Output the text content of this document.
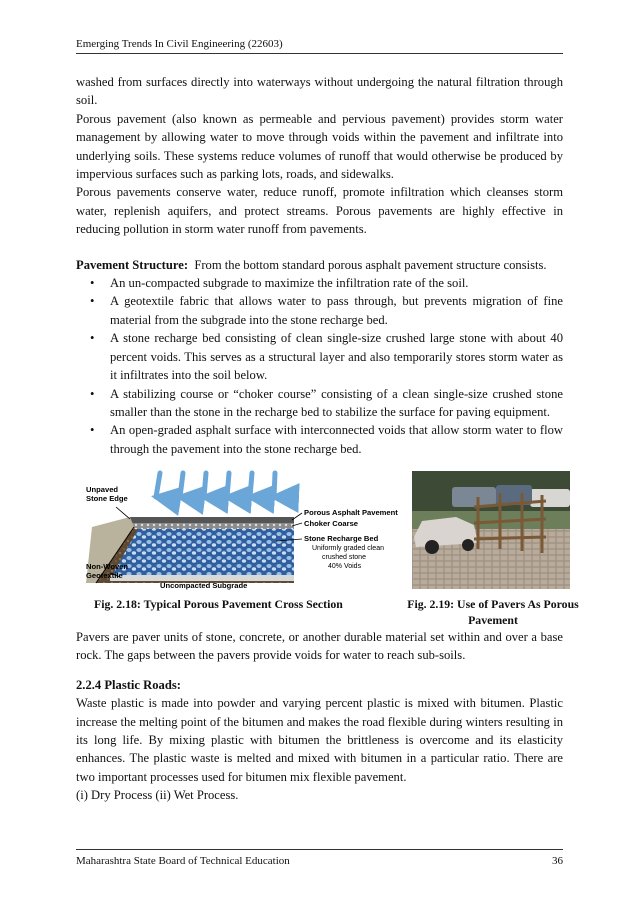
Emerging Trends In Civil Engineering (22603)

washed from surfaces directly into waterways without undergoing the natural filtration through soil.

Porous pavement (also known as permeable and pervious pavement) provides storm water management by allowing water to move through voids within the pavement and infiltrate into underlying soils. These systems reduce volumes of runoff that would otherwise be produced by impervious surfaces such as parking lots, roads, and sidewalks.

Porous pavements conserve water, reduce runoff, promote infiltration which cleanses storm water, replenish aquifers, and protect streams. Porous pavements are highly effective in reducing pollution in storm water runoff from pavements.

Pavement Structure: From the bottom standard porous asphalt pavement structure consists.

• An un-compacted subgrade to maximize the infiltration rate of the soil.
• A geotextile fabric that allows water to pass through, but prevents migration of fine material from the subgrade into the stone recharge bed.
• A stone recharge bed consisting of clean single-size crushed large stone with about 40 percent voids. This serves as a structural layer and also temporarily stores storm water as it infiltrates into the soil below.
• A stabilizing course or “choker course” consisting of a clean single-size crushed stone smaller than the stone in the recharge bed to stabilize the surface for paving equipment.
• An open-graded asphalt surface with interconnected voids that allow storm water to flow through the pavement into the stone recharge bed.
Unpaved
Stone Edge
Porous Asphalt Pavement
Choker Coarse
Stone Recharge Bed
Non-Woven
Geotextile
Uncompacted Subgrade
Uniformly graded clean
crushed stone
40% Voids
Fig. 2.18: Typical Porous Pavement Cross Section	Fig. 2.19: Use of Pavers As Porous
Pavement

Pavers are paver units of stone, concrete, or another durable material set within and over a base rock. The gaps between the pavers provide voids for water to reach sub-soils.

2.2.4 Plastic Roads:

Waste plastic is made into powder and varying percent plastic is mixed with bitumen. Plastic increase the melting point of the bitumen and makes the road flexible during winters resulting in its long life. By mixing plastic with bitumen the brittleness is overcome and its elasticity enhances. The plastic waste is melted and mixed with bitumen in a particular ratio. There are two important processes used for bitumen mix flexible pavement.

(i) Dry Process (ii) Wet Process.

Maharashtra State Board of Technical Education	36
